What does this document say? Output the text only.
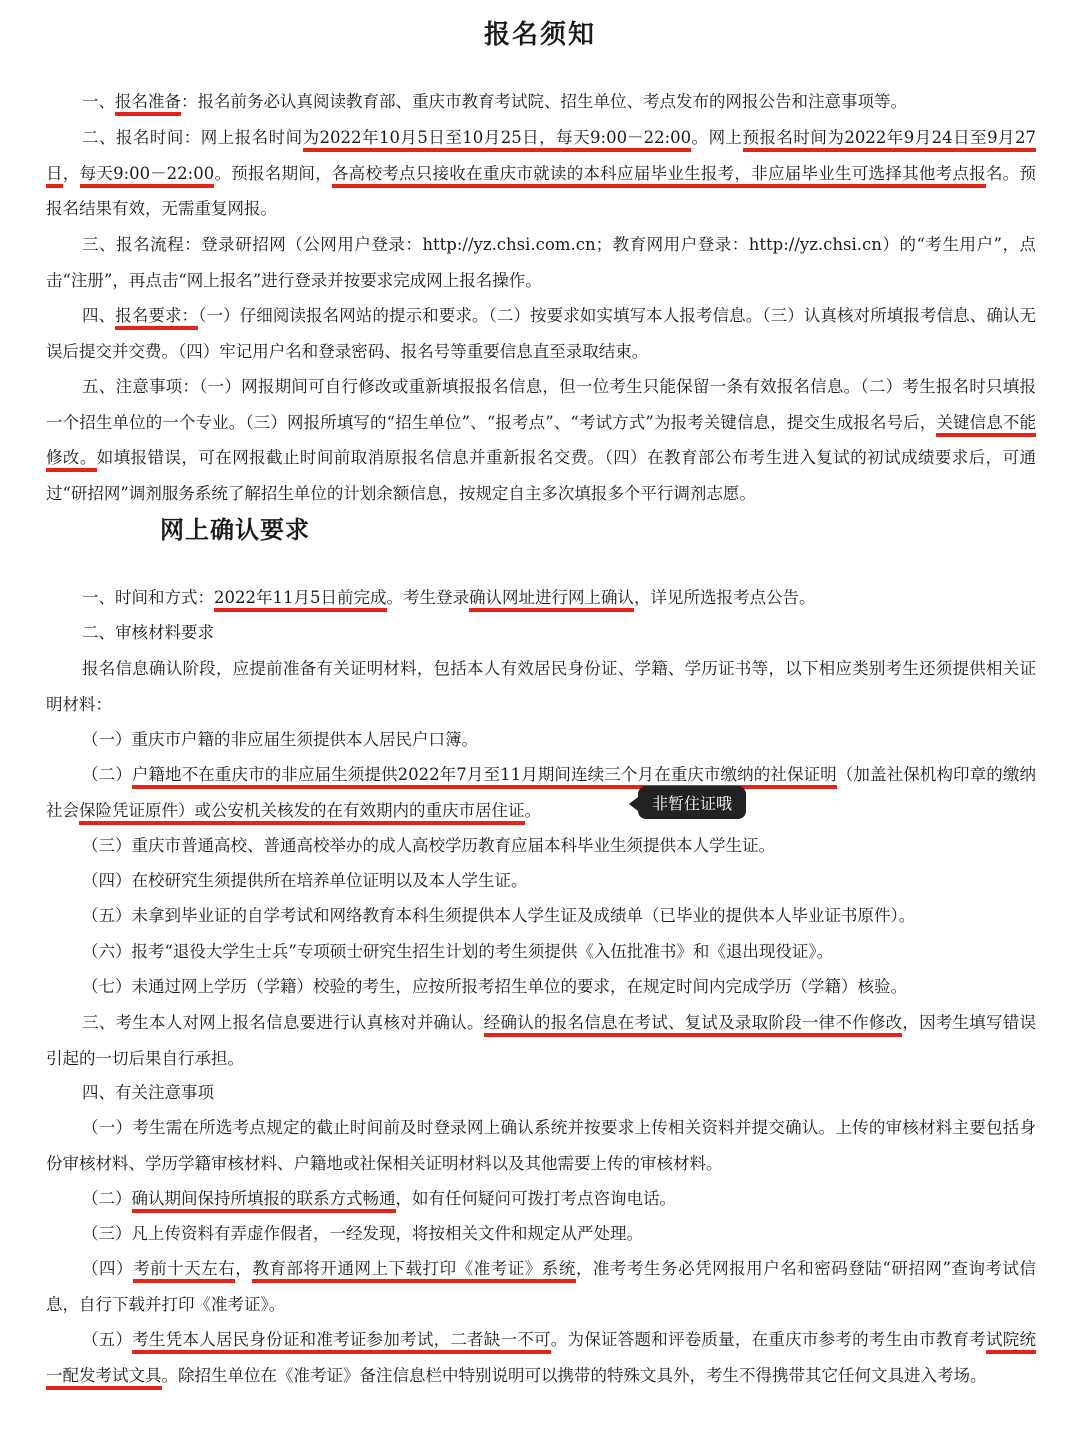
报名须知

一、报名准备：报名前务必认真阅读教育部、重庆市教育考试院、招生单位、考点发布的网报公告和注意事项等。

二、报名时间：网上报名时间为2022年10月5日至10月25日，每天9:00－22:00。网上预报名时间为2022年9月24日至9月27日，每天9:00－22:00。预报名期间，各高校考点只接收在重庆市就读的本科应届毕业生报考，非应届毕业生可选择其他考点报名。预报名结果有效，无需重复网报。

三、报名流程：登录研招网（公网用户登录：http://yz.chsi.com.cn；教育网用户登录：http://yz.chsi.cn）的“考生用户”，点击“注册”，再点击“网上报名”进行登录并按要求完成网上报名操作。

四、报名要求：（一）仔细阅读报名网站的提示和要求。（二）按要求如实填写本人报考信息。（三）认真核对所填报考信息、确认无误后提交并交费。（四）牢记用户名和登录密码、报名号等重要信息直至录取结束。

五、注意事项：（一）网报期间可自行修改或重新填报报名信息，但一位考生只能保留一条有效报名信息。（二）考生报名时只填报一个招生单位的一个专业。（三）网报所填写的“招生单位”、“报考点”、“考试方式”为报考关键信息，提交生成报名号后，关键信息不能修改。如填报错误，可在网报截止时间前取消原报名信息并重新报名交费。（四）在教育部公布考生进入复试的初试成绩要求后，可通过“研招网”调剂服务系统了解招生单位的计划余额信息，按规定自主多次填报多个平行调剂志愿。

网上确认要求

一、时间和方式：2022年11月5日前完成。考生登录确认网址进行网上确认，详见所选报考点公告。

二、审核材料要求

报名信息确认阶段，应提前准备有关证明材料，包括本人有效居民身份证、学籍、学历证书等，以下相应类别考生还须提供相关证明材料：

（一）重庆市户籍的非应届生须提供本人居民户口簿。

（二）户籍地不在重庆市的非应届生须提供2022年7月至11月期间连续三个月在重庆市缴纳的社保证明（加盖社保机构印章的缴纳社会保险凭证原件）或公安机关核发的在有效期内的重庆市居住证。	非暂住证哦

（三）重庆市普通高校、普通高校举办的成人高校学历教育应届本科毕业生须提供本人学生证。

（四）在校研究生须提供所在培养单位证明以及本人学生证。

（五）未拿到毕业证的自学考试和网络教育本科生须提供本人学生证及成绩单（已毕业的提供本人毕业证书原件）。

（六）报考“退役大学生士兵”专项硕士研究生招生计划的考生须提供《入伍批准书》和《退出现役证》。

（七）未通过网上学历（学籍）校验的考生，应按所报考招生单位的要求，在规定时间内完成学历（学籍）核验。

三、考生本人对网上报名信息要进行认真核对并确认。经确认的报名信息在考试、复试及录取阶段一律不作修改，因考生填写错误引起的一切后果自行承担。

四、有关注意事项

（一）考生需在所选考点规定的截止时间前及时登录网上确认系统并按要求上传相关资料并提交确认。上传的审核材料主要包括身份审核材料、学历学籍审核材料、户籍地或社保相关证明材料以及其他需要上传的审核材料。

（二）确认期间保持所填报的联系方式畅通，如有任何疑问可拨打考点咨询电话。

（三）凡上传资料有弄虚作假者，一经发现，将按相关文件和规定从严处理。

（四）考前十天左右，教育部将开通网上下载打印《准考证》系统，准考考生务必凭网报用户名和密码登陆“研招网”查询考试信息，自行下载并打印《准考证》。

（五）考生凭本人居民身份证和准考证参加考试，二者缺一不可。为保证答题和评卷质量，在重庆市参考的考生由市教育考试院统一配发考试文具。除招生单位在《准考证》备注信息栏中特别说明可以携带的特殊文具外，考生不得携带其它任何文具进入考场。
